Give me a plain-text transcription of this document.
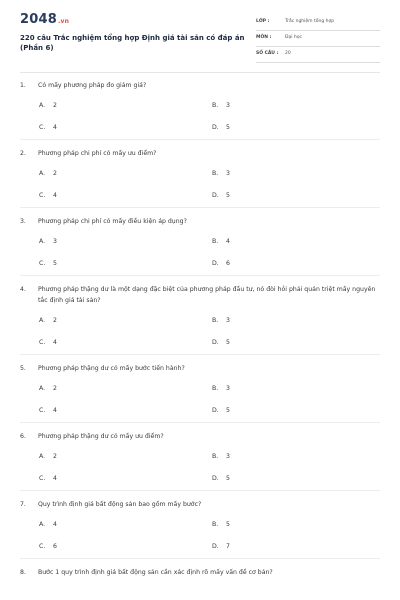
2048.vn
220 câu Trắc nghiệm tổng hợp Định giá tài sản có đáp án (Phần 6)
LỚP :	Trắc nghiệm tổng hợp
MÔN :	Đại học
SỐ CÂU : 20
1. Có mấy phương pháp đo giảm giá?
A. 2	B. 3
C. 4	D. 5
2. Phương pháp chi phí có mấy ưu điểm?
A. 2	B. 3
C. 4	D. 5
3. Phương pháp chi phí có mấy điều kiện áp dụng?
A. 3	B. 4
C. 5	D. 6
4. Phương pháp thặng dư là một dạng đặc biệt của phương pháp đầu tư, nó đòi hỏi phải quán triệt mấy nguyên tắc định giá tài sản?
A. 2	B. 3
C. 4	D. 5
5. Phương pháp thặng dư có mấy bước tiến hành?
A. 2	B. 3
C. 4	D. 5
6. Phương pháp thặng dư có mấy ưu điểm?
A. 2	B. 3
C. 4	D. 5
7. Quy trình định giá bất động sản bao gồm mấy bước?
A. 4	B. 5
C. 6	D. 7
8. Bước 1 quy trình định giá bất động sản cần xác định rõ mấy vấn đề cơ bản?
